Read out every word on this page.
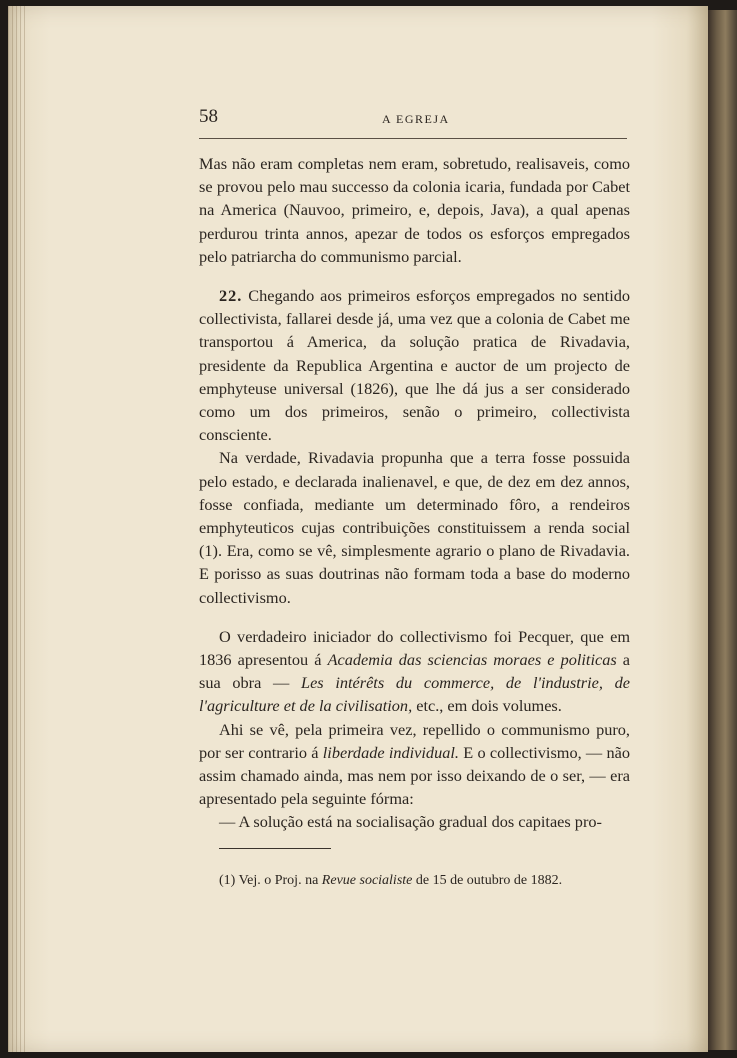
58	A EGREJA

Mas não eram completas nem eram, sobretudo, realisaveis, como se provou pelo mau successo da colonia icaria, fundada por Cabet na America (Nauvoo, primeiro, e, depois, Java), a qual apenas perdurou trinta annos, apezar de todos os esforços empregados pelo patriarcha do communismo parcial.

22. Chegando aos primeiros esforços empregados no sentido collectivista, fallarei desde já, uma vez que a colonia de Cabet me transportou á America, da solução pratica de Rivadavia, presidente da Republica Argentina e auctor de um projecto de emphyteuse universal (1826), que lhe dá jus a ser considerado como um dos primeiros, senão o primeiro, collectivista consciente.

Na verdade, Rivadavia propunha que a terra fosse possuida pelo estado, e declarada inalienavel, e que, de dez em dez annos, fosse confiada, mediante um determinado fôro, a rendeiros emphyteuticos cujas contribuições constituissem a renda social (1). Era, como se vê, simplesmente agrario o plano de Rivadavia. E porisso as suas doutrinas não formam toda a base do moderno collectivismo.

O verdadeiro iniciador do collectivismo foi Pecquer, que em 1836 apresentou á Academia das sciencias moraes e politicas a sua obra — Les intérêts du commerce, de l'industrie, de l'agriculture et de la civilisation, etc., em dois volumes.

Ahi se vê, pela primeira vez, repellido o communismo puro, por ser contrario á liberdade individual. E o collectivismo, — não assim chamado ainda, mas nem por isso deixando de o ser, — era apresentado pela seguinte fórma:

— A solução está na socialisação gradual dos capitaes pro-

(1) Vej. o Proj. na Revue socialiste de 15 de outubro de 1882.
